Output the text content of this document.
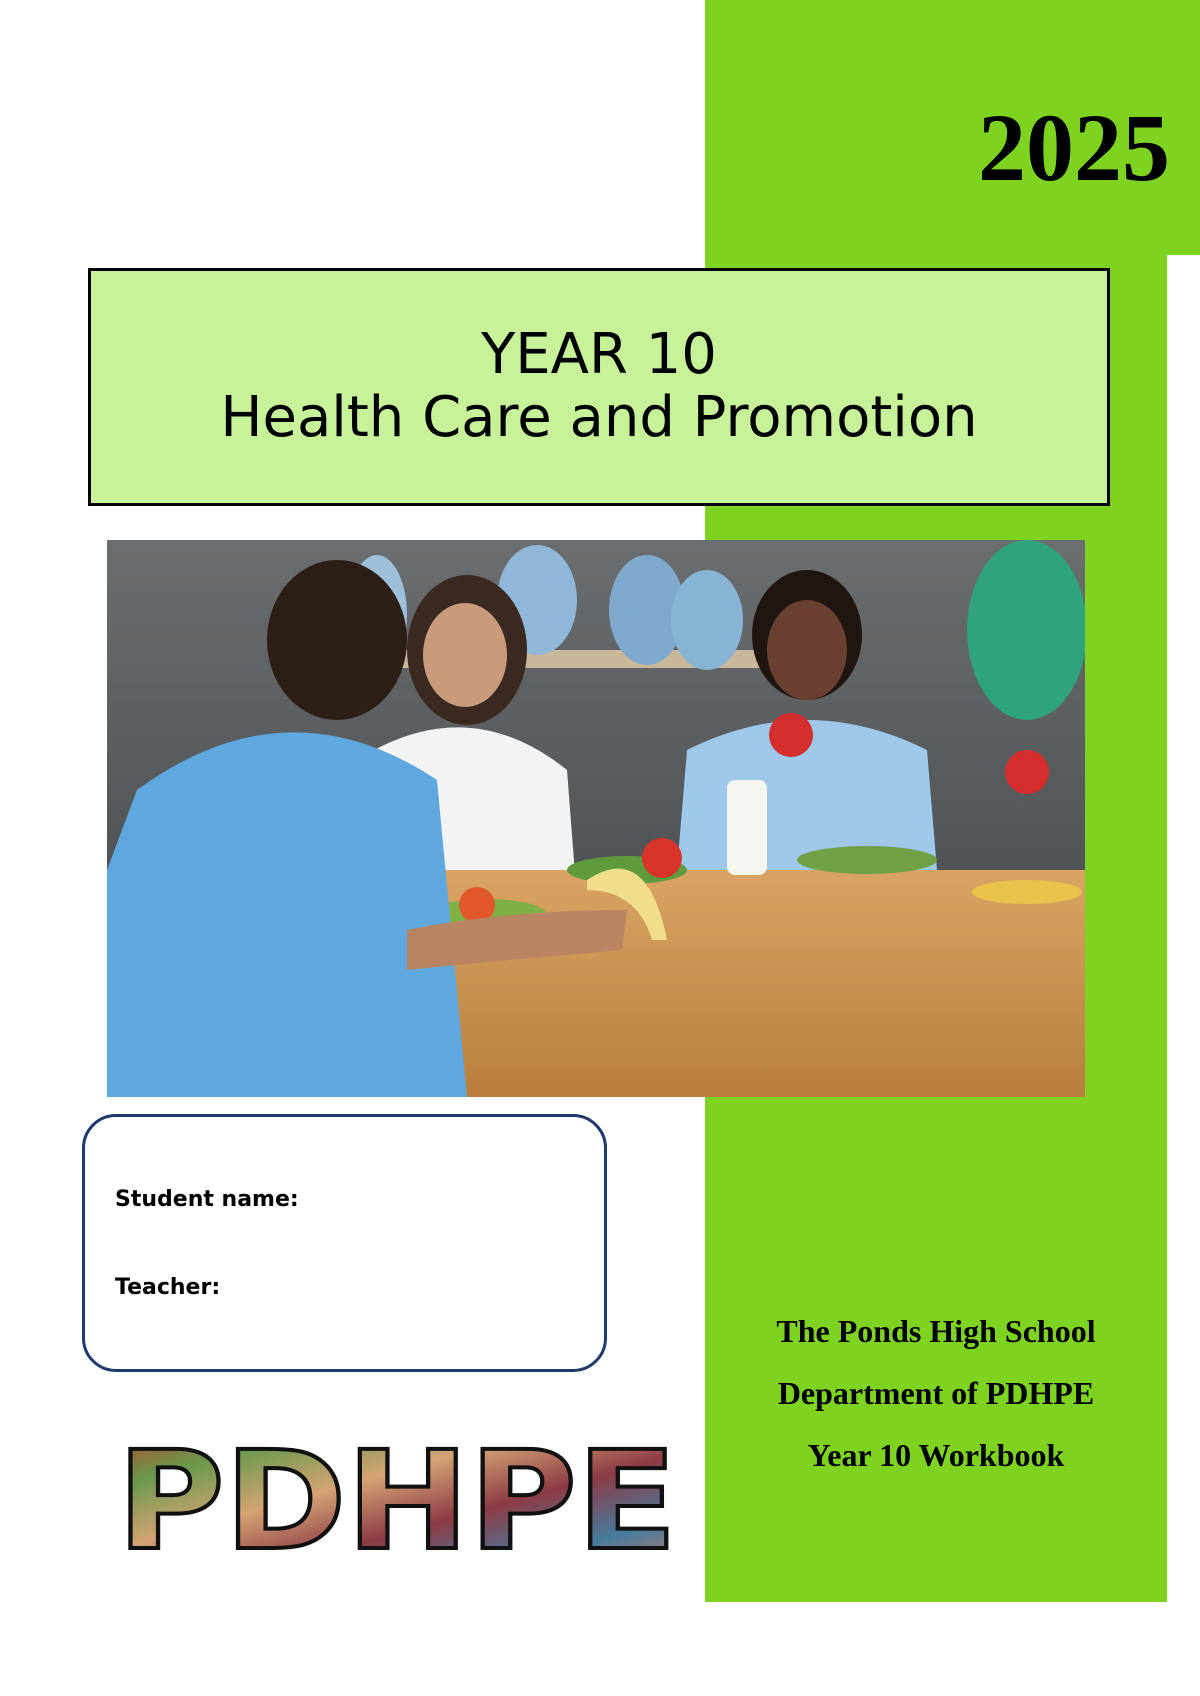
2025
YEAR 10
Health Care and Promotion
Student name:
Teacher:
The Ponds High School
Department of PDHPE
Year 10 Workbook
PDHPE
